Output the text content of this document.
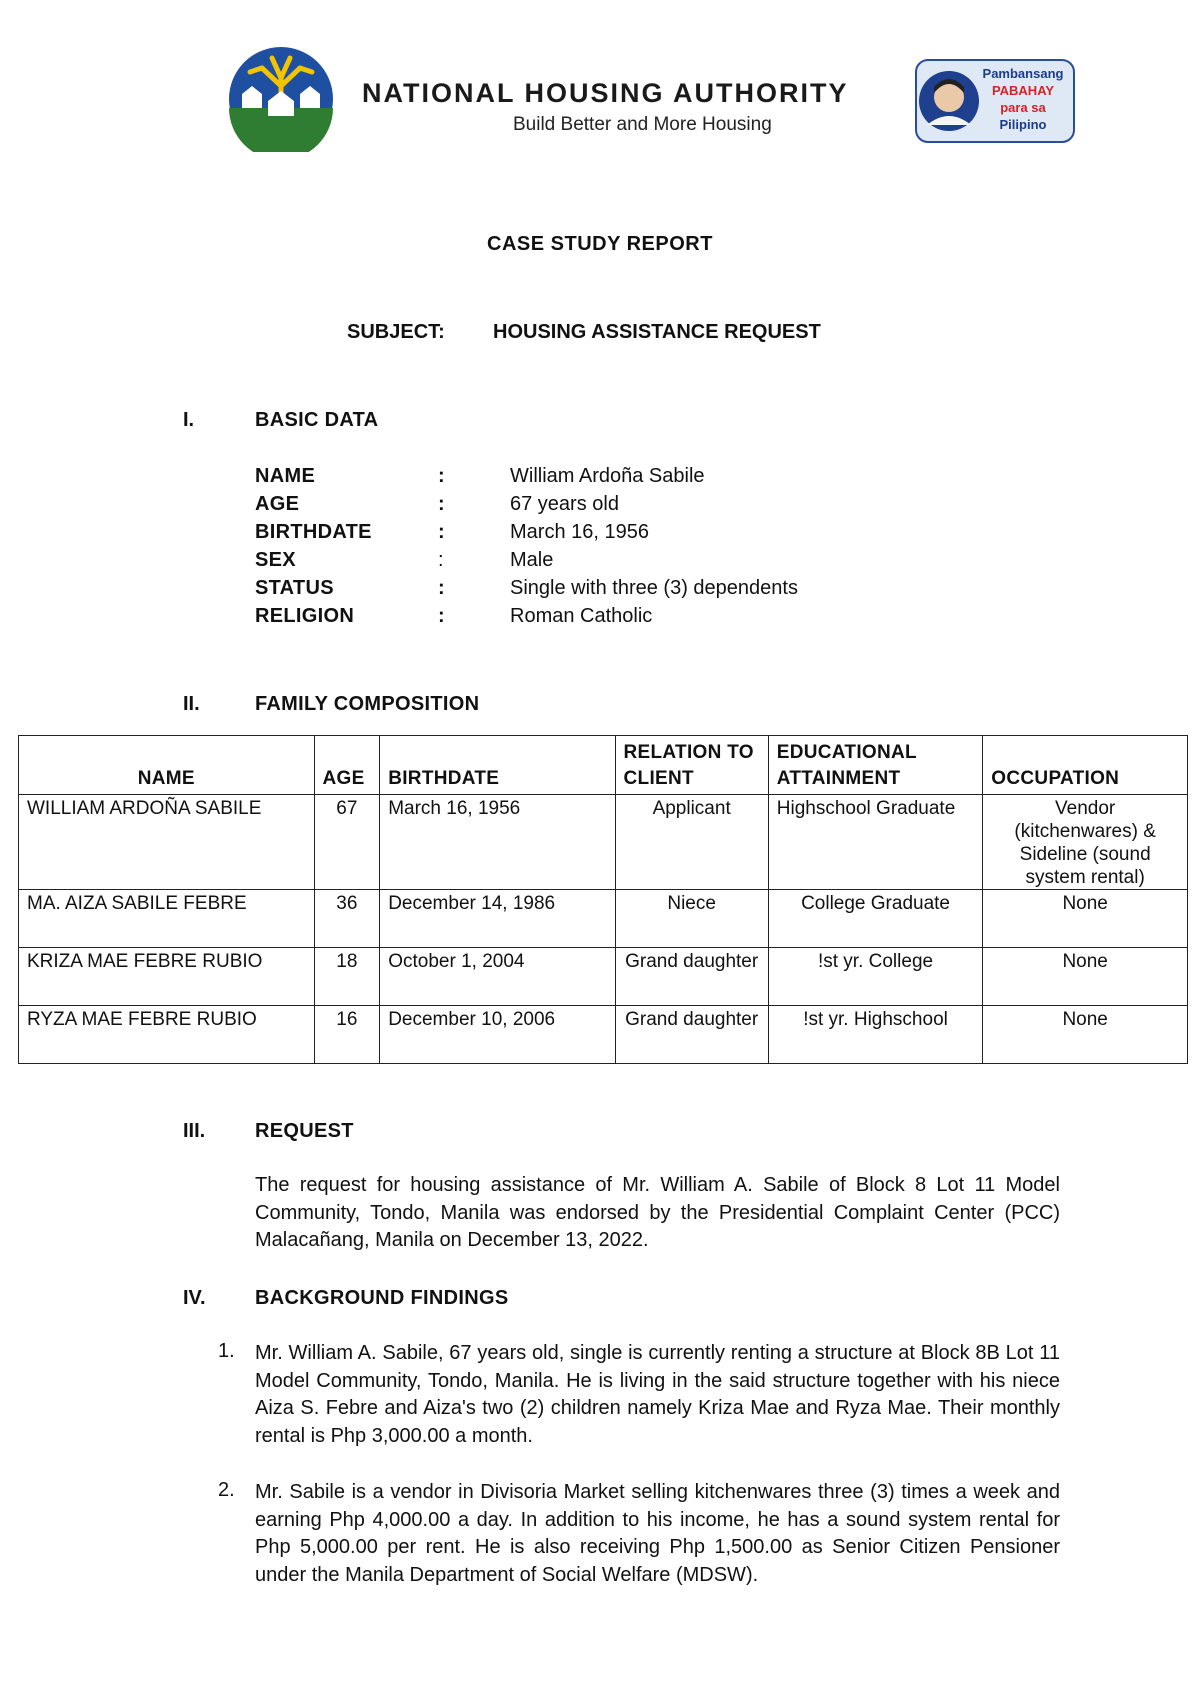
NATIONAL HOUSING AUTHORITY
Build Better and More Housing
Pambansang
PABAHAY
para sa
Pilipino
CASE STUDY REPORT
SUBJECT: HOUSING ASSISTANCE REQUEST
I.	BASIC DATA
NAME	:	William Ardoña Sabile
AGE	:	67 years old
BIRTHDATE	:	March 16, 1956
SEX	:	Male
STATUS	:	Single with three (3) dependents
RELIGION	:	Roman Catholic
II.	FAMILY COMPOSITION
NAME	AGE	BIRTHDATE	RELATION TO CLIENT	EDUCATIONAL ATTAINMENT	OCCUPATION
WILLIAM ARDOÑA SABILE	67	March 16, 1956	Applicant	Highschool Graduate	Vendor (kitchenwares) & Sideline (sound system rental)
MA. AIZA SABILE FEBRE	36	December 14, 1986	Niece	College Graduate	None
KRIZA MAE FEBRE RUBIO	18	October 1, 2004	Grand daughter	!st yr. College	None
RYZA MAE FEBRE RUBIO	16	December 10, 2006	Grand daughter	!st yr. Highschool	None
III. REQUEST
The request for housing assistance of Mr. William A. Sabile of Block 8 Lot 11 Model Community, Tondo, Manila was endorsed by the Presidential Complaint Center (PCC) Malacañang, Manila on December 13, 2022.
IV. BACKGROUND FINDINGS
1. Mr. William A. Sabile, 67 years old, single is currently renting a structure at Block 8B Lot 11 Model Community, Tondo, Manila. He is living in the said structure together with his niece Aiza S. Febre and Aiza's two (2) children namely Kriza Mae and Ryza Mae. Their monthly rental is Php 3,000.00 a month.
2. Mr. Sabile is a vendor in Divisoria Market selling kitchenwares three (3) times a week and earning Php 4,000.00 a day. In addition to his income, he has a sound system rental for Php 5,000.00 per rent. He is also receiving Php 1,500.00 as Senior Citizen Pensioner under the Manila Department of Social Welfare (MDSW).
